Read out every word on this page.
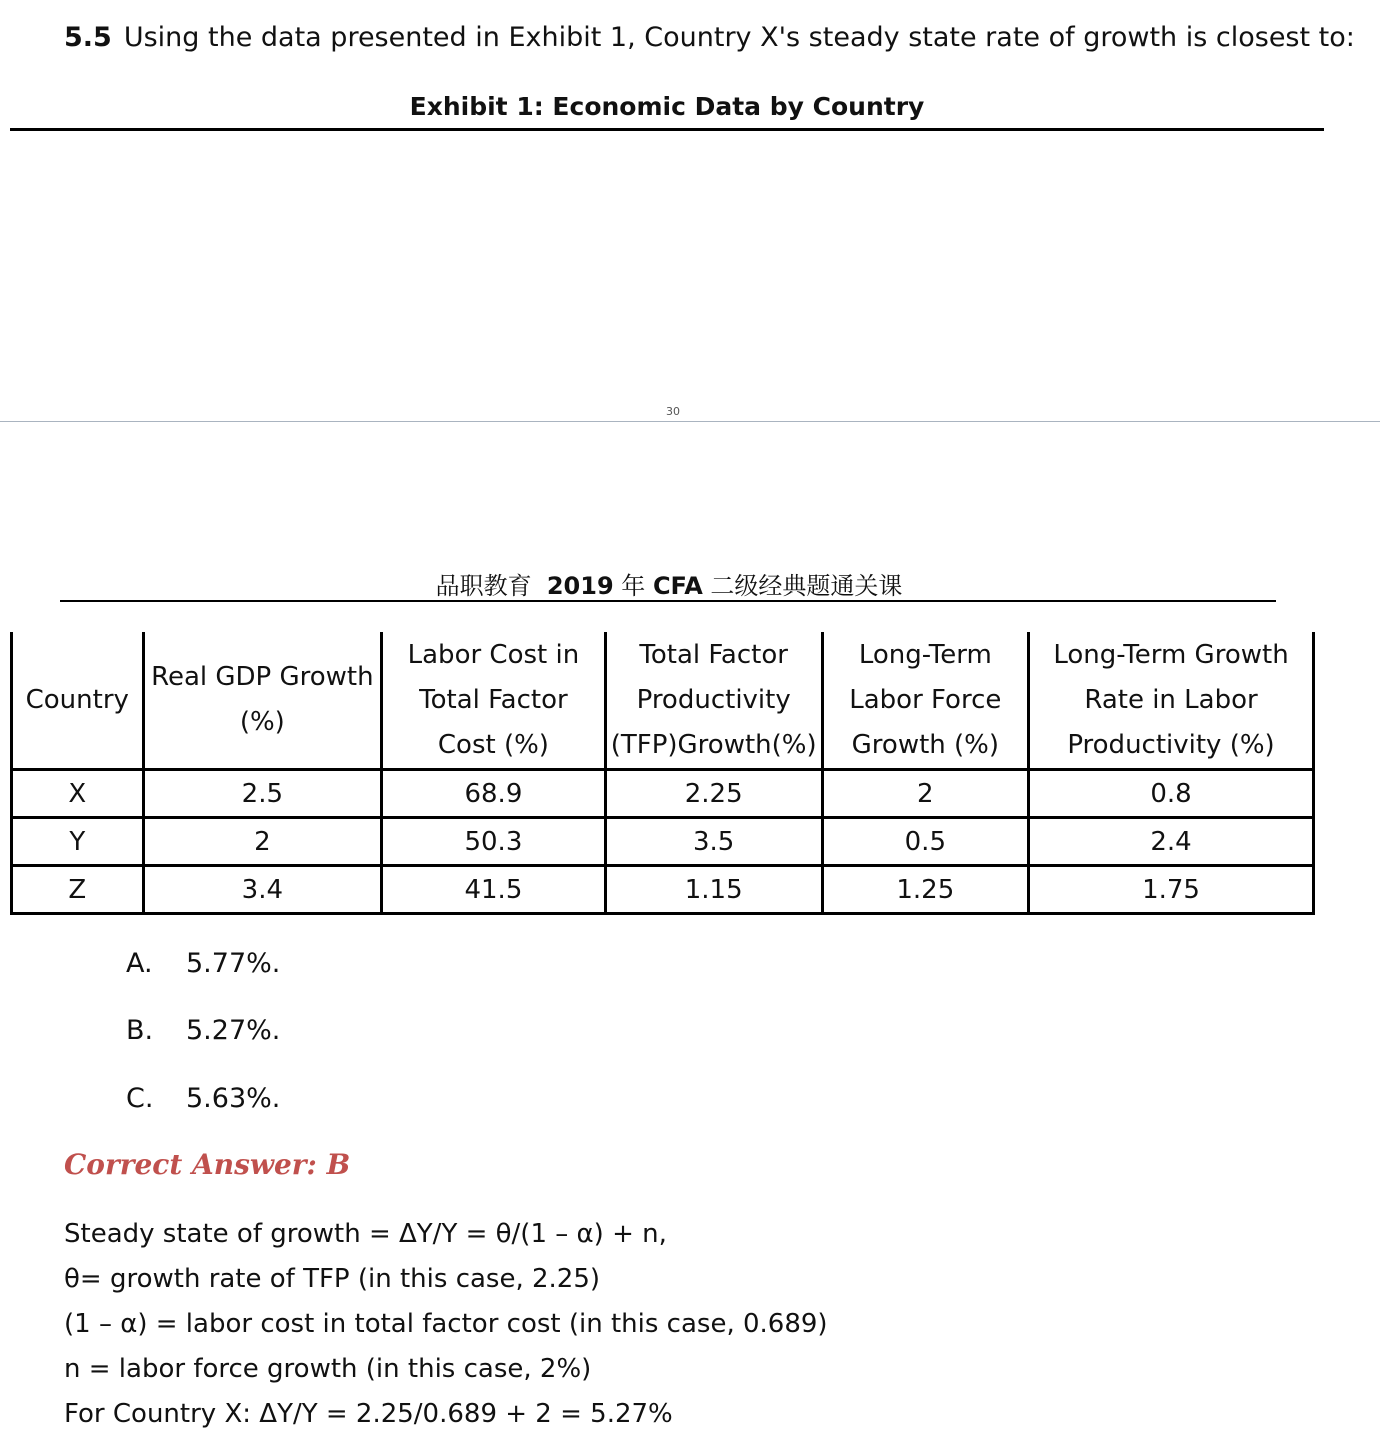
5.5 Using the data presented in Exhibit 1, Country X's steady state rate of growth is closest to:
Exhibit 1: Economic Data by Country
30
品职教育 2019 年 CFA 二级经典题通关课
Country	Real GDP Growth (%)	Labor Cost in Total Factor Cost (%)	Total Factor Productivity (TFP)Growth(%)	Long-Term Labor Force Growth (%)	Long-Term Growth Rate in Labor Productivity (%)
X	2.5	68.9	2.25	2	0.8
Y	2	50.3	3.5	0.5	2.4
Z	3.4	41.5	1.15	1.25	1.75
A. 5.77%.
B. 5.27%.
C. 5.63%.
Correct Answer: B
Steady state of growth = ΔY/Y = θ/(1 – α) + n,
θ= growth rate of TFP (in this case, 2.25)
(1 – α) = labor cost in total factor cost (in this case, 0.689)
n = labor force growth (in this case, 2%)
For Country X: ΔY/Y = 2.25/0.689 + 2 = 5.27%
